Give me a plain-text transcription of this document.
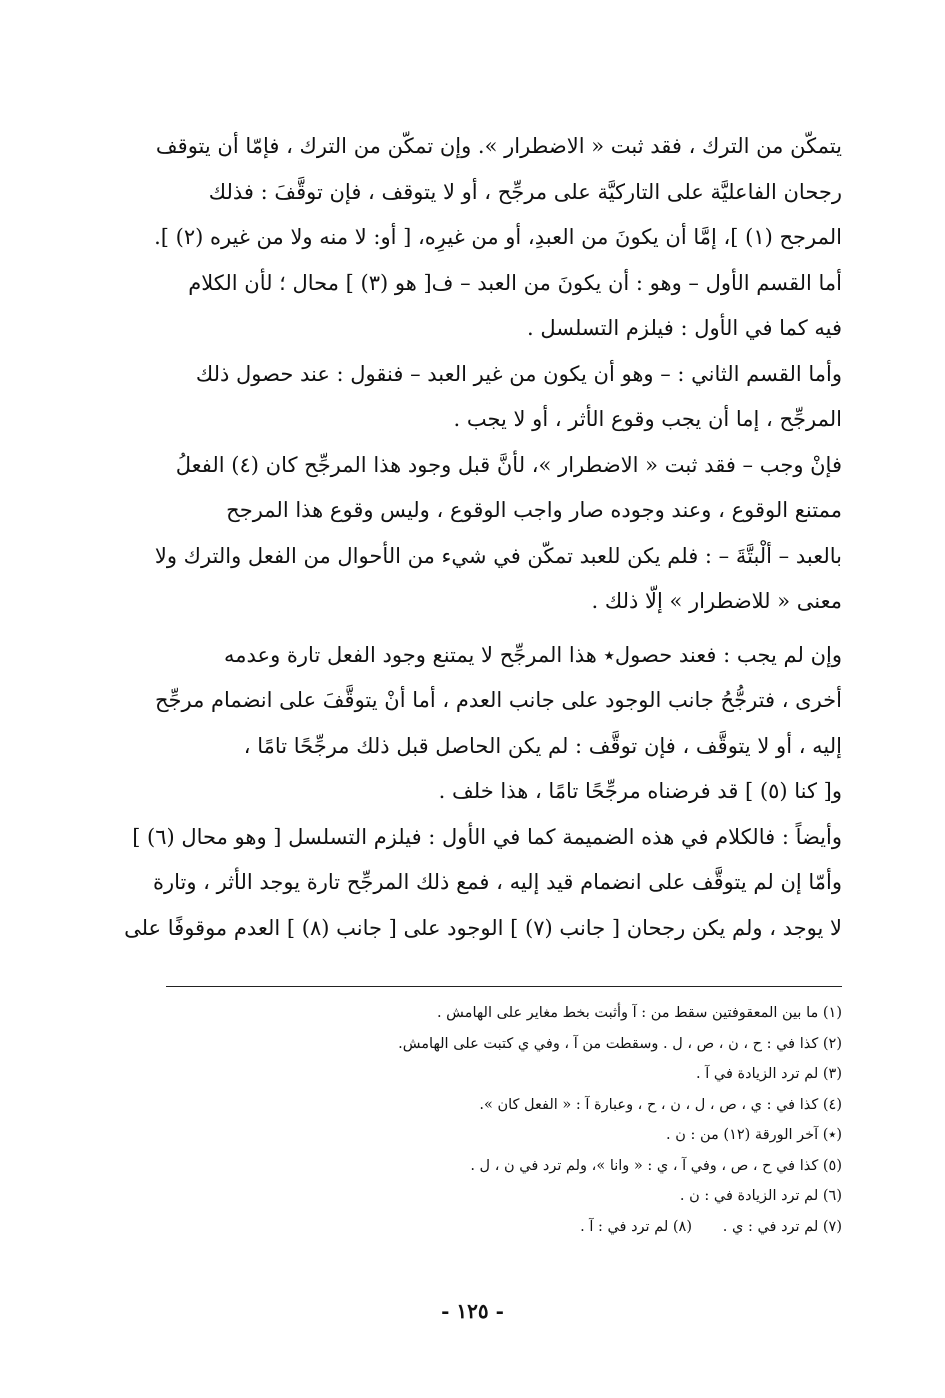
يتمكّن من الترك ، فقد ثبت « الاضطرار ». وإن تمكّن من الترك ، فإمّا أن يتوقف
رجحان الفاعليَّة على التاركيَّة على مرجِّح ، أو لا يتوقف ، فإن توقَّفَ : فذلك
المرجح (١) ]، إمَّا أن يكونَ من العبدِ، أو من غيرِه، [ أو: لا منه ولا من غيره (٢) ].
أما القسم الأول – وهو : أن يكونَ من العبد – ف[ هو (٣) ] محال ؛ لأن الكلام
فيه كما في الأول : فيلزم التسلسل .
وأما القسم الثاني : – وهو أن يكون من غير العبد – فنقول : عند حصول ذلك
المرجِّح ، إما أن يجب وقوع الأثر ، أو لا يجب .
فإنْ وجب – فقد ثبت « الاضطرار »، لأنَّ قبل وجود هذا المرجِّح كان (٤) الفعلُ
ممتنع الوقوع ، وعند وجوده صار واجب الوقوع ، وليس وقوع هذا المرجح
بالعبد – ألْبتَّةَ – : فلم يكن للعبد تمكّن في شيء من الأحوال من الفعل والترك ولا
معنى « للاضطرار » إلّا ذلك .
وإن لم يجب : فعند حصول٭ هذا المرجِّح لا يمتنع وجود الفعل تارة وعدمه
أخرى ، فترجُّحُ جانب الوجود على جانب العدم ، أما أنْ يتوقَّفَ على انضمام مرجِّح
إليه ، أو لا يتوقَّف ، فإن توقَّف : لم يكن الحاصل قبل ذلك مرجِّحًا تامًا ،
و[ كنا (٥) ] قد فرضناه مرجِّحًا تامًا ، هذا خلف .
وأيضاً : فالكلام في هذه الضميمة كما في الأول : فيلزم التسلسل [ وهو محال (٦) ]
وأمّا إن لم يتوقَّف على انضمام قيد إليه ، فمع ذلك المرجِّح تارة يوجد الأثر ، وتارة
لا يوجد ، ولم يكن رجحان [ جانب (٧) ] الوجود على [ جانب (٨) ] العدم موقوفًا على
(١) ما بين المعقوفتين سقط من : آ وأثبت بخط مغاير على الهامش .
(٢) كذا في : ح ، ن ، ص ، ل . وسقطت من آ ، وفي ي كتبت على الهامش.
(٣) لم ترد الزيادة في آ .
(٤) كذا في : ي ، ص ، ل ، ن ، ح ، وعبارة آ : « الفعل كان ».
(٭) آخر الورقة (١٢) من : ن .
(٥) كذا في ح ، ص ، وفي آ ، ي : « وانا »، ولم ترد في ن ، ل .
(٦) لم ترد الزيادة في : ن .
(٧) لم ترد في : ي .
(٨) لم ترد في : آ .
- ١٢٥ -
